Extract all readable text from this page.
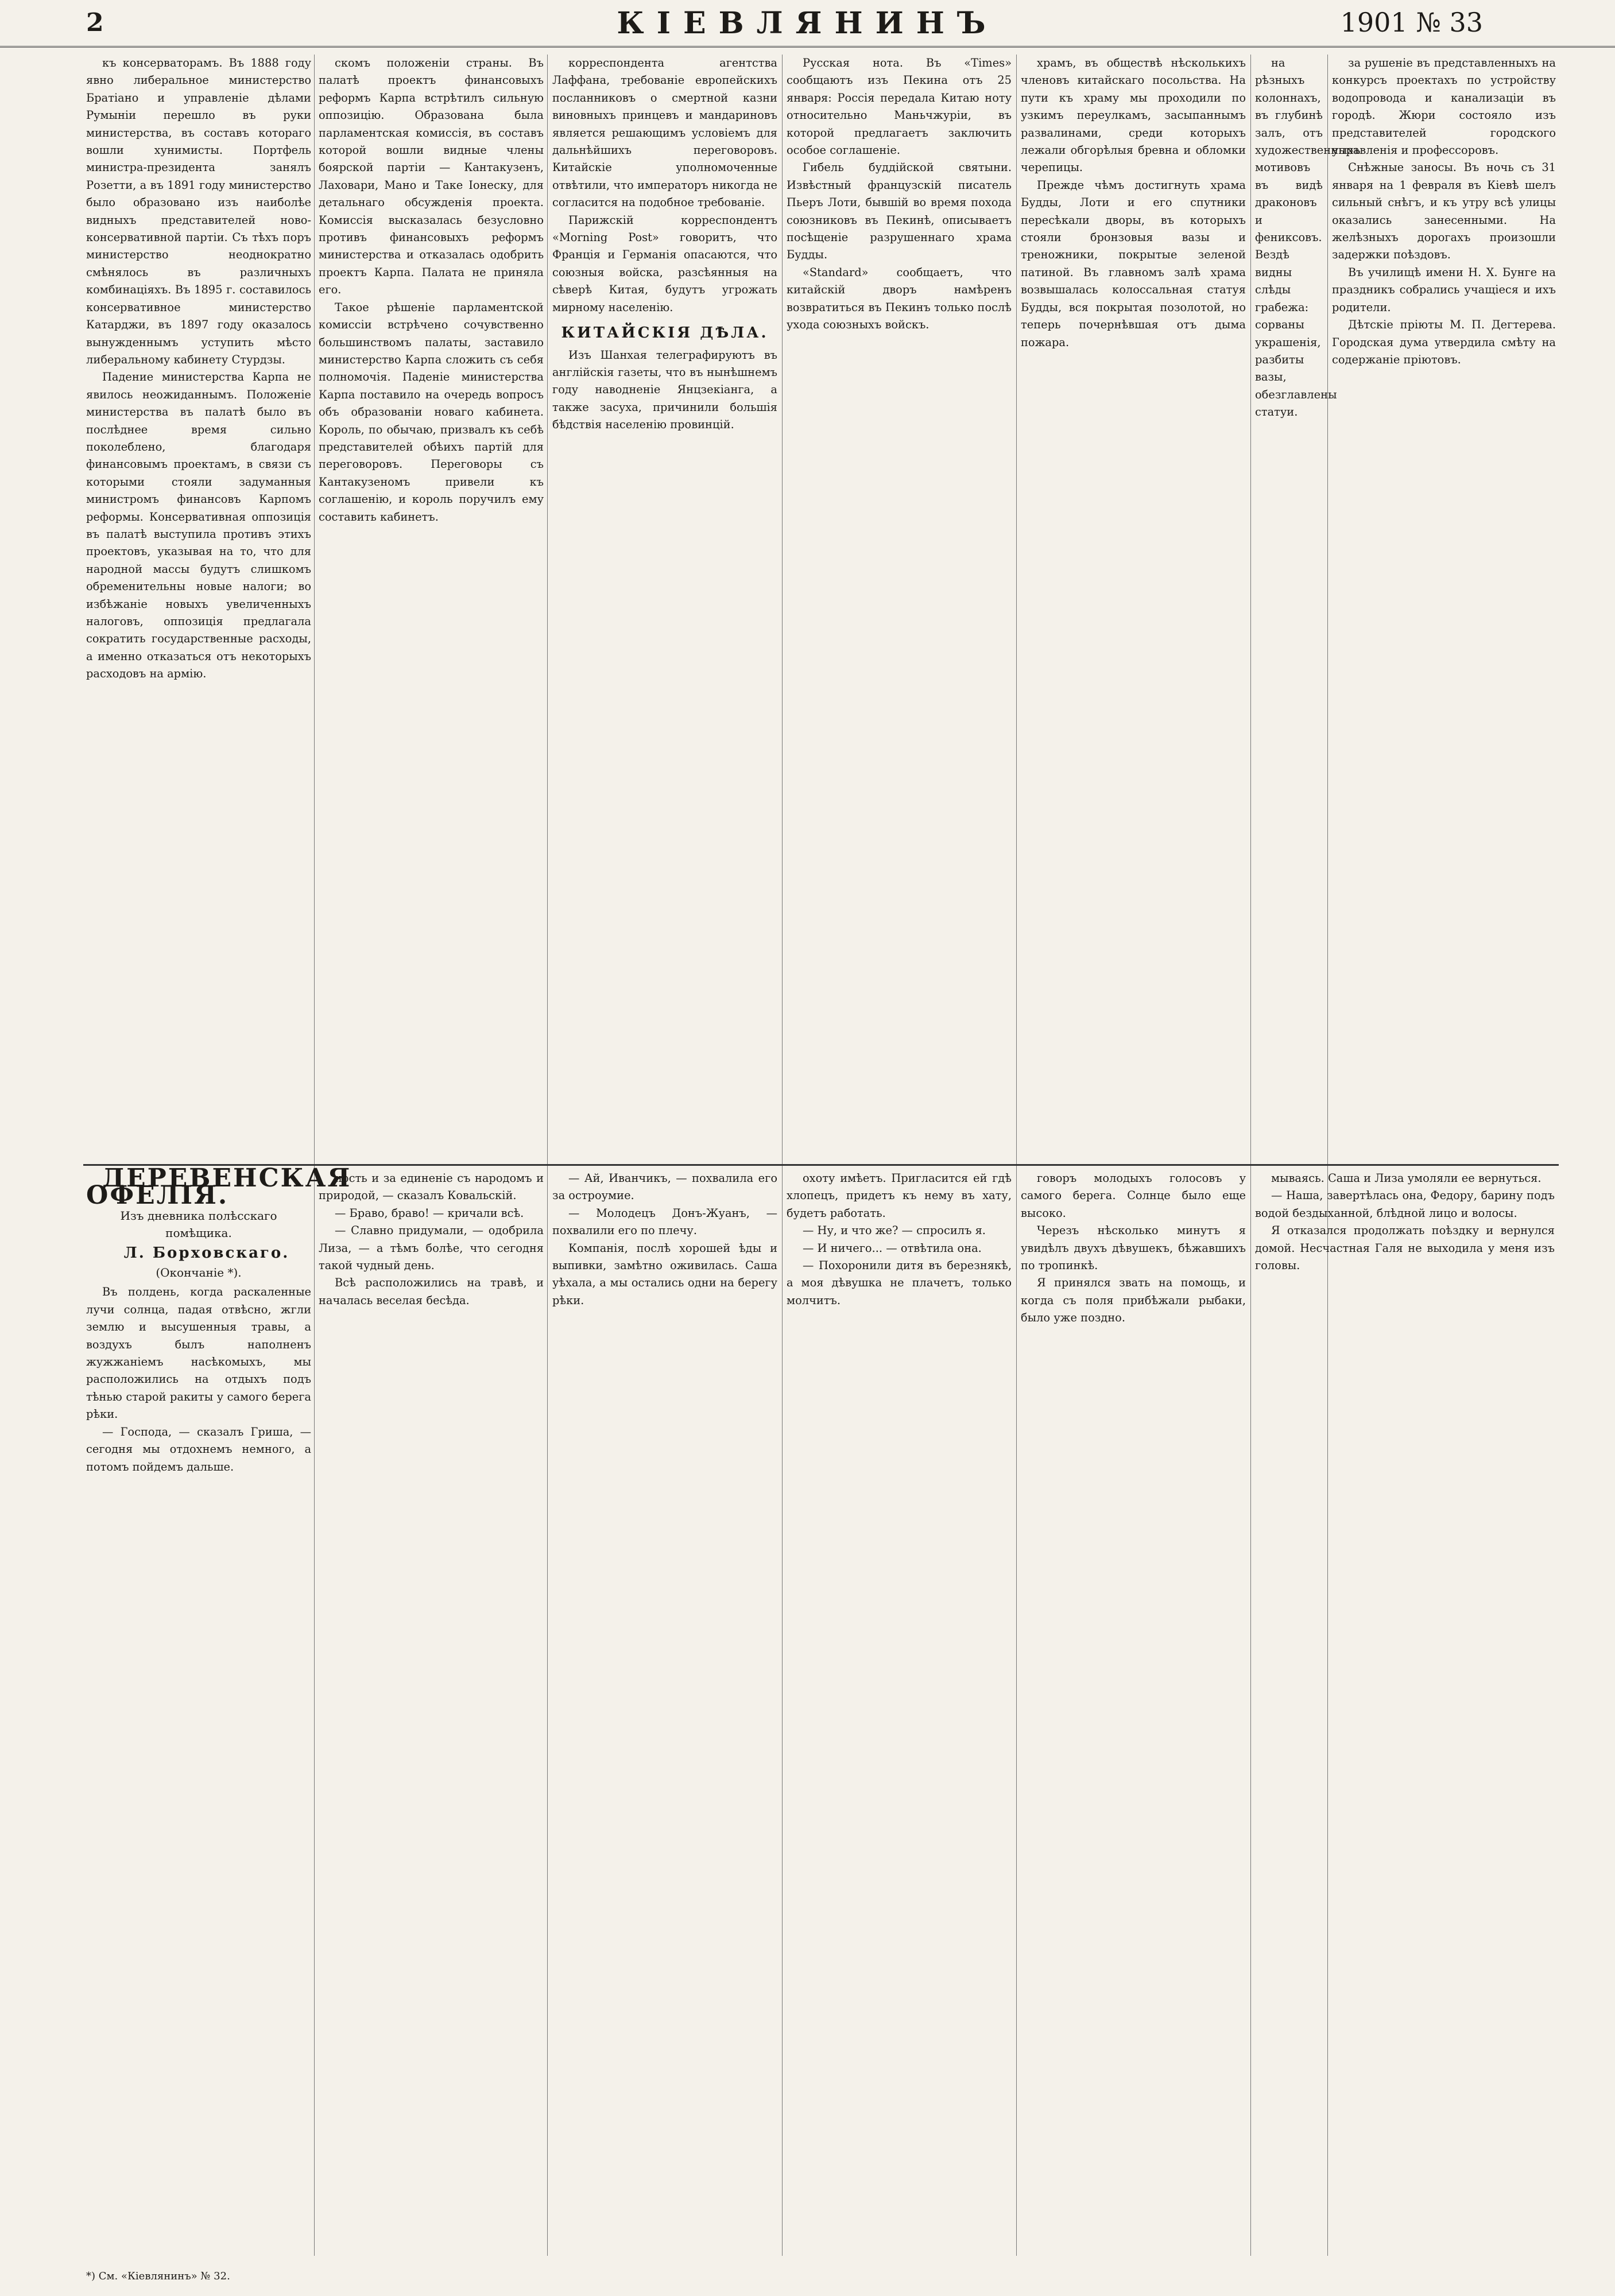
2	КІЕВЛЯНИНЪ	1901 № 33

къ консерваторамъ. Въ 1888 году явно либеральное министерство Братіано и управленіе дѣлами Румыніи перешло въ руки министерства, въ составъ котораго вошли хунимисты. Портфель министра-президента занялъ Розетти, а въ 1891 году министерство было образовано изъ наиболѣе видныхъ представителей ново-консервативной партіи. Съ тѣхъ поръ министерство неоднократно смѣнялось въ различныхъ комбинаціяхъ. Въ 1895 г. составилось консервативное министерство Катарджи, въ 1897 году оказалось вынужденнымъ уступить мѣсто либеральному кабинету Стурдзы.

Падение министерства Карпа не явилось неожиданнымъ. Положеніе министерства въ палатѣ было въ послѣднее время сильно поколеблено, благодаря финансовымъ проектамъ, в связи съ которыми стояли задуманныя министромъ финансовъ Карпомъ реформы. Консервативная оппозиція въ палатѣ выступила противъ этихъ проектовъ, указывая на то, что для народной массы будутъ слишкомъ обременительны новые налоги; во избѣжаніе новыхъ увеличенныхъ налоговъ, оппозиція предлагала сократить государственные расходы, а именно отказаться отъ некоторыхъ расходовъ на армію.

скомъ положеніи страны. Въ палатѣ проектъ финансовыхъ реформъ Карпа встрѣтилъ сильную оппозицію. Образована была парламентская комиссія, въ составъ которой вошли видные члены боярской партіи — Кантакузенъ, Лаховари, Мано и Таке Іонеску, для детальнаго обсужденія проекта. Комиссія высказалась безусловно противъ финансовыхъ реформъ министерства и отказалась одобрить проектъ Карпа. Палата не приняла его.

Такое рѣшеніе парламентской комиссіи встрѣчено сочувственно большинствомъ палаты, заставило министерство Карпа сложить съ себя полномочія. Паденіе министерства Карпа поставило на очередь вопросъ объ образованіи новаго кабинета. Король, по обычаю, призвалъ къ себѣ представителей обѣихъ партій для переговоровъ. Переговоры съ Кантакузеномъ привели къ соглашенію, и король поручилъ ему составить кабинетъ.

корреспондента агентства Лаффана, требованіе европейскихъ посланниковъ о смертной казни виновныхъ принцевъ и мандариновъ является решающимъ условіемъ для дальнѣйшихъ переговоровъ. Китайскіе уполномоченные отвѣтили, что императоръ никогда не согласится на подобное требованіе.

Парижскій корреспондентъ «Morning Post» говоритъ, что Франція и Германія опасаются, что союзныя войска, разсѣянныя на сѣверѣ Китая, будутъ угрожать мирному населенію.

КИТАЙСКІЯ ДѢЛА.

Изъ Шанхая телеграфируютъ въ англійскія газеты, что въ нынѣшнемъ году наводненіе Янцзекіанга, а также засуха, причинили большія бѣдствія населенію провинцій.

Русская нота. Въ «Times» сообщаютъ изъ Пекина отъ 25 января: Россія передала Китаю ноту относительно Маньчжуріи, въ которой предлагаетъ заключить особое соглашеніе.

Гибель буддійской святыни. Извѣстный французскій писатель Пьеръ Лоти, бывшій во время похода союзниковъ въ Пекинѣ, описываетъ посѣщеніе разрушеннаго храма Будды.

«Standard» сообщаетъ, что китайскій дворъ намѣренъ возвратиться въ Пекинъ только послѣ ухода союзныхъ войскъ.

храмъ, въ обществѣ нѣсколькихъ членовъ китайскаго посольства. На пути къ храму мы проходили по узкимъ переулкамъ, засыпаннымъ развалинами, среди которыхъ лежали обгорѣлыя бревна и обломки черепицы.

Прежде чѣмъ достигнуть храма Будды, Лоти и его спутники пересѣкали дворы, въ которыхъ стояли бронзовыя вазы и треножники, покрытые зеленой патиной. Въ главномъ залѣ храма возвышалась колоссальная статуя Будды, вся покрытая позолотой, но теперь почернѣвшая отъ дыма пожара.

на рѣзныхъ колоннахъ, въ глубинѣ залъ, отъ художественныхъ мотивовъ въ видѣ драконовъ и фениксовъ. Вездѣ видны слѣды грабежа: сорваны украшенія, разбиты вазы, обезглавлены статуи.

за рушеніе въ представленныхъ на конкурсъ проектахъ по устройству водопровода и канализаціи въ городѣ. Жюри состояло изъ представителей городского управленія и профессоровъ.

Снѣжные заносы. Въ ночь съ 31 января на 1 февраля въ Кіевѣ шелъ сильный снѣгъ, и къ утру всѣ улицы оказались занесенными. На желѣзныхъ дорогахъ произошли задержки поѣздовъ.

Въ училищѣ имени Н. Х. Бунге на праздникъ собрались учащіеся и ихъ родители.

Дѣтскіе пріюты М. П. Дегтерева. Городская дума утвердила смѣту на содержаніе пріютовъ.

ДЕРЕВЕНСКАЯ ОФЕЛІЯ.

Изъ дневника полѣсскаго помѣщика.

Л. Борховскаго.

(Окончаніе *).

Въ полдень, когда раскаленные лучи солнца, падая отвѣсно, жгли землю и высушенныя травы, а воздухъ былъ наполненъ жужжаніемъ насѣкомыхъ, мы расположились на отдыхъ подъ тѣнью старой ракиты у самого берега рѣки.

— Господа, — сказалъ Гриша, — сегодня мы отдохнемъ немного, а потомъ пойдемъ дальше.

ность и за единеніе съ народомъ и природой, — сказалъ Ковальскій.

— Браво, браво! — кричали всѣ.

— Славно придумали, — одобрила Лиза, — а тѣмъ болѣе, что сегодня такой чудный день.

Всѣ расположились на травѣ, и началась веселая бесѣда.

— Ай, Иванчикъ, — похвалила его за остроумие.

— Молодецъ Донъ-Жуанъ, — похвалили его по плечу.

Компанія, послѣ хорошей ѣды и выпивки, замѣтно оживилась. Саша уѣхала, а мы остались одни на берегу рѣки.

охоту имѣетъ. Пригласится ей гдѣ хлопецъ, придетъ къ нему въ хату, будетъ работать.

— Ну, и что же? — спросилъ я.

— И ничего... — отвѣтила она.

— Похоронили дитя въ березнякѣ, а моя дѣвушка не плачетъ, только молчитъ.

говоръ молодыхъ голосовъ у самого берега. Солнце было еще высоко.

Черезъ нѣсколько минутъ я увидѣлъ двухъ дѣвушекъ, бѣжавшихъ по тропинкѣ.

Я принялся звать на помощь, и когда съ поля прибѣжали рыбаки, было уже поздно.

мываясь. Саша и Лиза умоляли ее вернуться.

— Наша, завертѣлась она, Федору, барину подъ водой бездыханной, блѣдной лицо и волосы.

Я отказался продолжать поѣздку и вернулся домой. Несчастная Галя не выходила у меня изъ головы.

*) См. «Кіевлянинъ» № 32.
